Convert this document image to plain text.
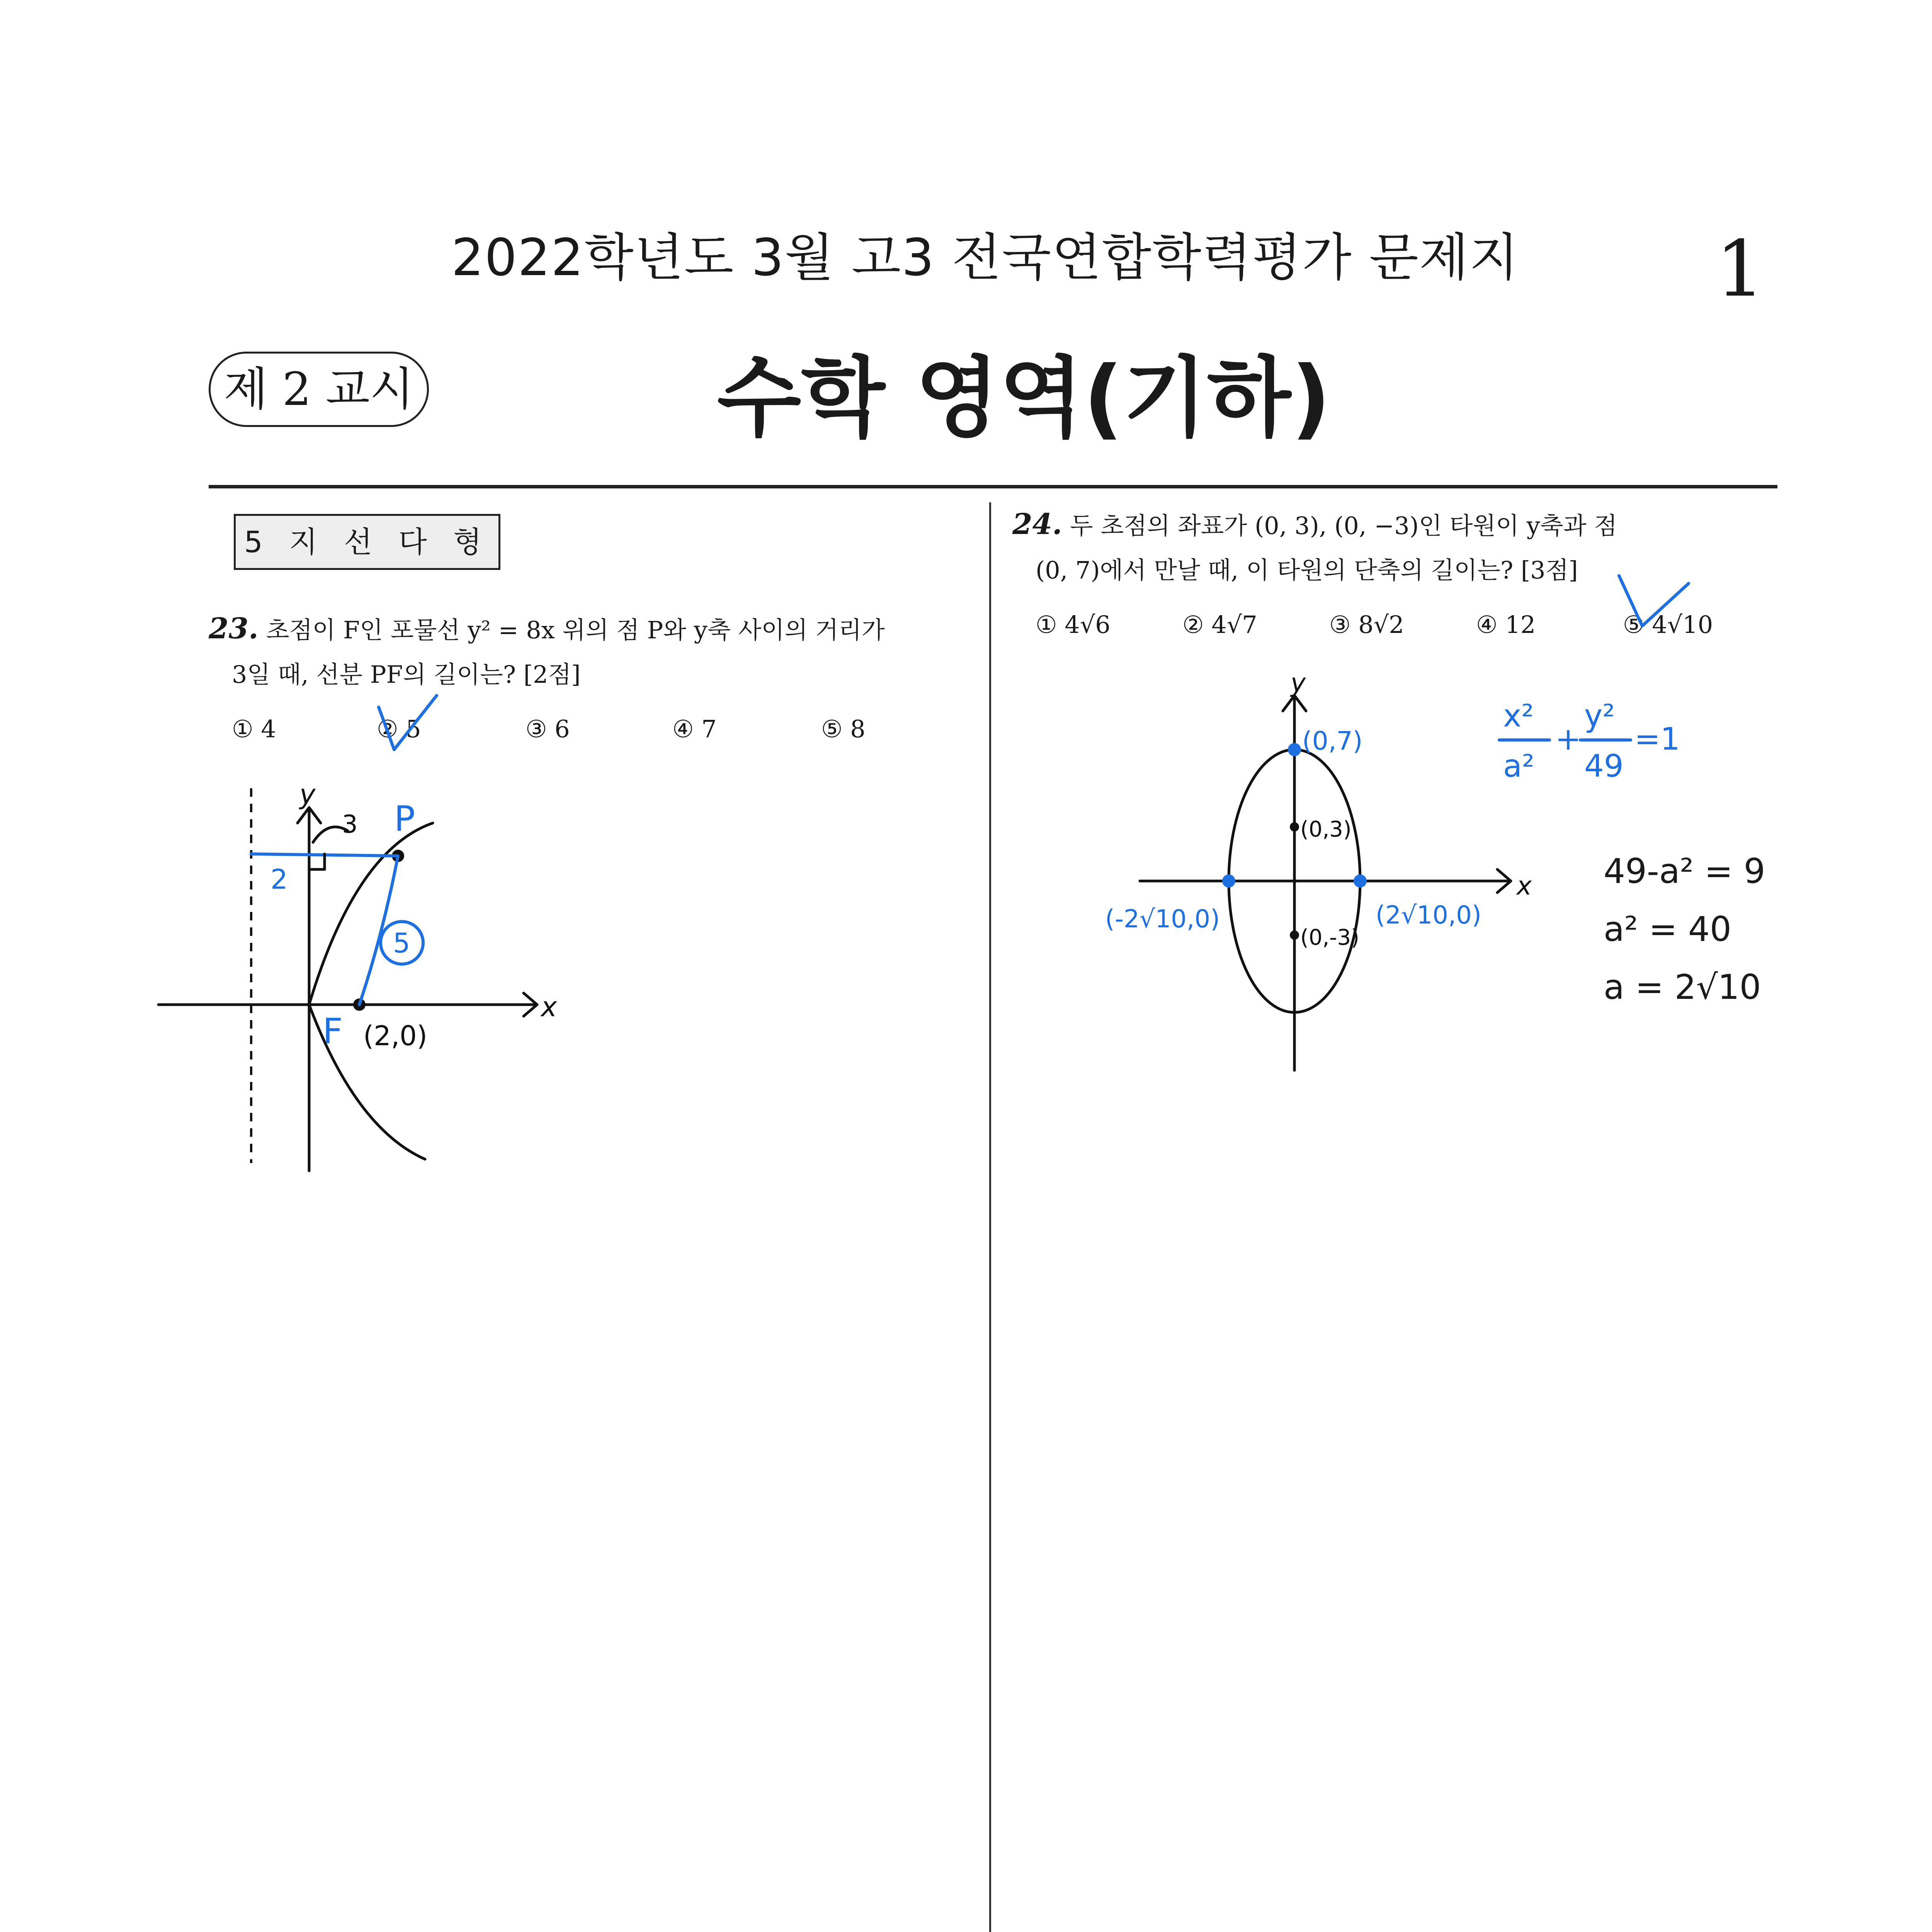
2022학년도 3월 고3 전국연합학력평가 문제지	1
제 2 교시	수학 영역(기하)
5 지 선 다 형
23. 초점이 F인 포물선 y² = 8x 위의 점 P와 y축 사이의 거리가
3일 때, 선분 PF의 길이는? [2점]
① 4	② 5	③ 6	④ 7	⑤ 8
5
y
x
P
F (2,0)
2
3
24. 두 초점의 좌표가 (0, 3), (0, −3)인 타원이 y축과 점
(0, 7)에서 만날 때, 이 타원의 단축의 길이는? [3점]
① 4√6	② 4√7	③ 8√2	④ 12	⑤ 4√10
y
x
(0,7)
(0,3)
(0,-3)
(-2√10,0)	(2√10,0)
x²
a²
+
y²
49
=1
49-a² = 9
a² = 40
a = 2√10
